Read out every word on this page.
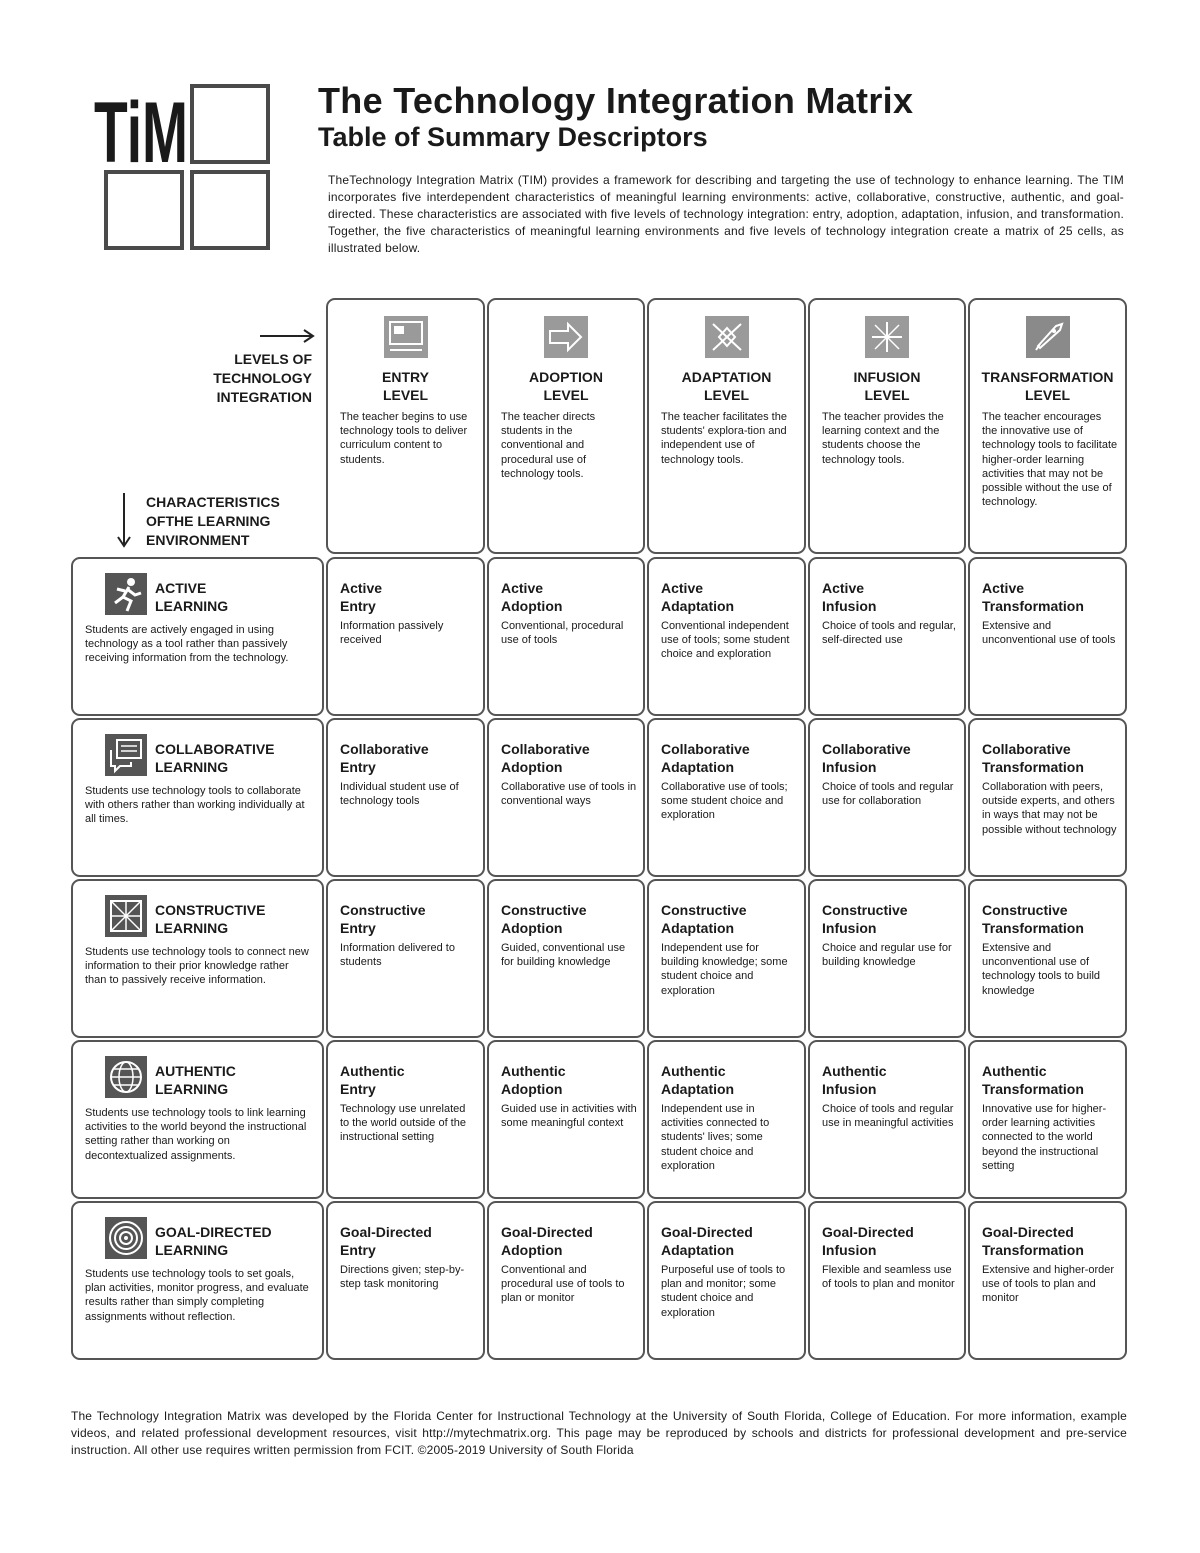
TiM	The Technology Integration Matrix
Table of Summary Descriptors

TheTechnology Integration Matrix (TIM) provides a framework for describing and targeting the use of technology to enhance learning. The TIM incorporates five interdependent characteristics of meaningful learning environments: active, collaborative, constructive, authentic, and goal-directed. These characteristics are associated with five levels of technology integration: entry, adoption, adaptation, infusion, and transformation. Together, the five characteristics of meaningful learning environments and five levels of technology integration create a matrix of 25 cells, as illustrated below.

LEVELS OF
TECHNOLOGY
INTEGRATION
CHARACTERISTICS
OFTHE LEARNING
ENVIRONMENT
ENTRY
LEVEL
The teacher begins to use technology tools to deliver curriculum content to students.
ADOPTION
LEVEL
The teacher directs students in the conventional and procedural use of technology tools.
ADAPTATION
LEVEL
The teacher facilitates the students' explora-tion and independent use of technology tools.
INFUSION
LEVEL
The teacher provides the learning context and the students choose the technology tools.
TRANSFORMATION
LEVEL
The teacher encourages the innovative use of technology tools to facilitate higher-order learning activities that may not be possible without the use of technology.
ACTIVE
LEARNING
Students are actively engaged in using technology as a tool rather than passively receiving information from the technology.
Active
Entry
Information passively received
Active
Adoption
Conventional, procedural use of tools
Active
Adaptation
Conventional independent use of tools; some student choice and exploration
Active
Infusion
Choice of tools and regular, self-directed use
Active
Transformation
Extensive and unconventional use of tools
COLLABORATIVE
LEARNING
Students use technology tools to collaborate with others rather than working individually at all times.
Collaborative
Entry
Individual student use of technology tools
Collaborative
Adoption
Collaborative use of tools in conventional ways
Collaborative
Adaptation
Collaborative use of tools; some student choice and exploration
Collaborative
Infusion
Choice of tools and regular use for collaboration
Collaborative
Transformation
Collaboration with peers, outside experts, and others in ways that may not be possible without technology
CONSTRUCTIVE
LEARNING
Students use technology tools to connect new information to their prior knowledge rather than to passively receive information.
Constructive
Entry
Information delivered to students
Constructive
Adoption
Guided, conventional use for building knowledge
Constructive
Adaptation
Independent use for building knowledge; some student choice and exploration
Constructive
Infusion
Choice and regular use for building knowledge
Constructive
Transformation
Extensive and unconventional use of technology tools to build knowledge
AUTHENTIC
LEARNING
Students use technology tools to link learning activities to the world beyond the instructional setting rather than working on decontextualized assignments.
Authentic
Entry
Technology use unrelated to the world outside of the instructional setting
Authentic
Adoption
Guided use in activities with some meaningful context
Authentic
Adaptation
Independent use in activities connected to students' lives; some student choice and exploration
Authentic
Infusion
Choice of tools and regular use in meaningful activities
Authentic
Transformation
Innovative use for higher-order learning activities connected to the world beyond the instructional setting
GOAL-DIRECTED
LEARNING
Students use technology tools to set goals, plan activities, monitor progress, and evaluate results rather than simply completing assignments without reflection.
Goal-Directed
Entry
Directions given; step-by-step task monitoring
Goal-Directed
Adoption
Conventional and procedural use of tools to plan or monitor
Goal-Directed
Adaptation
Purposeful use of tools to plan and monitor; some student choice and exploration
Goal-Directed
Infusion
Flexible and seamless use of tools to plan and monitor
Goal-Directed
Transformation
Extensive and higher-order use of tools to plan and monitor

The Technology Integration Matrix was developed by the Florida Center for Instructional Technology at the University of South Florida, College of Education. For more information, example videos, and related professional development resources, visit http://mytechmatrix.org. This page may be reproduced by schools and districts for professional development and pre-service instruction. All other use requires written permission from FCIT. ©2005-2019 University of South Florida
